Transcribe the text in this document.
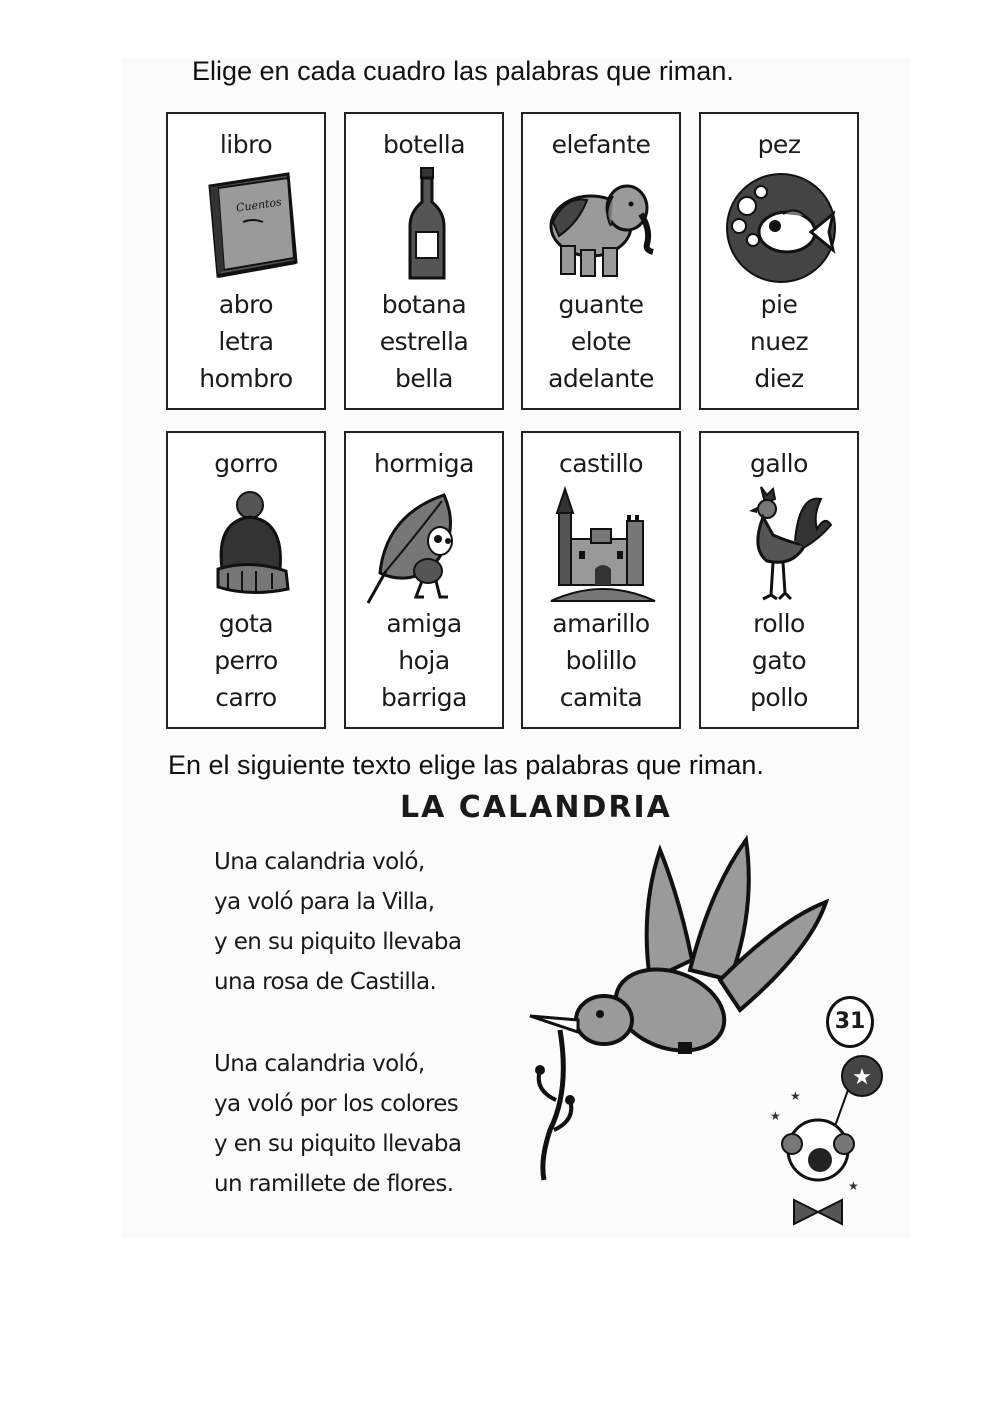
Elige en cada cuadro las palabras que riman.
libro
Cuentos
abro
letra
hombro
botella
botana
estrella
bella
elefante
guante
elote
adelante
pez
pie
nuez
diez
gorro
gota
perro
carro
hormiga
amiga
hoja
barriga
castillo
amarillo
bolillo
camita
gallo
rollo
gato
pollo
En el siguiente texto elige las palabras que riman.
LA CALANDRIA
Una calandria voló,
ya voló para la Villa,
y en su piquito llevaba
una rosa de Castilla.
Una calandria voló,
ya voló por los colores
y en su piquito llevaba
un ramillete de flores.
★
★
★
★
31
